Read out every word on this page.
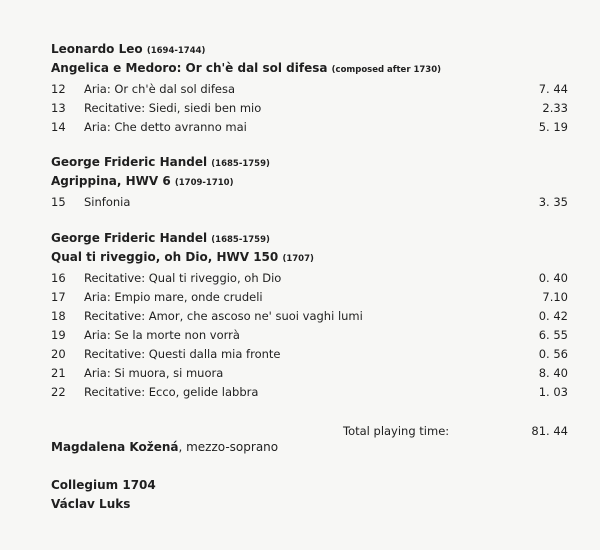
Leonardo Leo (1694-1744)
Angelica e Medoro: Or ch'è dal sol difesa (composed after 1730)
12	Aria: Or ch'è dal sol difesa	7. 44
13	Recitative: Siedi, siedi ben mio	2.33
14	Aria: Che detto avranno mai	5. 19
George Frideric Handel (1685-1759)
Agrippina, HWV 6 (1709-1710)
15	Sinfonia	3. 35
George Frideric Handel (1685-1759)
Qual ti riveggio, oh Dio, HWV 150 (1707)
16	Recitative: Qual ti riveggio, oh Dio	0. 40
17	Aria: Empio mare, onde crudeli	7.10
18	Recitative: Amor, che ascoso ne' suoi vaghi lumi	0. 42
19	Aria: Se la morte non vorrà	6. 55
20	Recitative: Questi dalla mia fronte	0. 56
21	Aria: Si muora, si muora	8. 40
22	Recitative: Ecco, gelide labbra	1. 03
Total playing time:	81. 44
Magdalena Kožená, mezzo-soprano
Collegium 1704
Václav Luks
